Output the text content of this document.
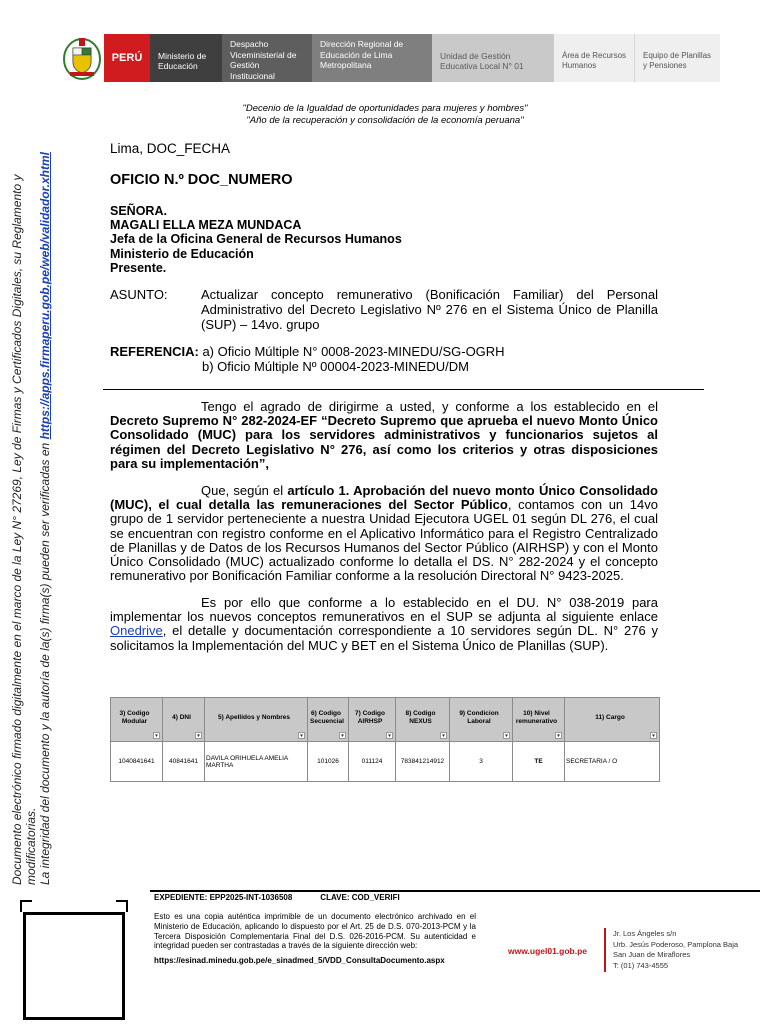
PERÚ	Ministerio de Educación
Despacho Viceministerial de Gestión Institucional
Dirección Regional de Educación de Lima Metropolitana
Unidad de Gestión Educativa Local N° 01
Área de Recursos Humanos
Equipo de Planillas y Pensiones
"Decenio de la Igualdad de oportunidades para mujeres y hombres"
"Año de la recuperación y consolidación de la economía peruana"
Documento electrónico firmado digitalmente en el marco de la Ley N° 27269, Ley de Firmas y Certificados Digitales, su Reglamento y modificatorias. La integridad del documento y la autoría de la(s) firma(s) pueden ser verificadas en https://apps.firmaperu.gob.pe/web/validador.xhtml
Lima, DOC_FECHA
OFICIO N.º DOC_NUMERO
SEÑORA.
MAGALI ELLA MEZA MUNDACA
Jefa de la Oficina General de Recursos Humanos
Ministerio de Educación
Presente.
ASUNTO:	Actualizar concepto remunerativo (Bonificación Familiar) del Personal Administrativo del Decreto Legislativo Nº 276 en el Sistema Único de Planilla (SUP) – 14vo. grupo
REFERENCIA: a) Oficio Múltiple N° 0008-2023-MINEDU/SG-OGRH
b) Oficio Múltiple Nº 00004-2023-MINEDU/DM
Tengo el agrado de dirigirme a usted, y conforme a los establecido en el Decreto Supremo N° 282-2024-EF “Decreto Supremo que aprueba el nuevo Monto Único Consolidado (MUC) para los servidores administrativos y funcionarios sujetos al régimen del Decreto Legislativo N° 276, así como los criterios y otras disposiciones para su implementación”,
Que, según el artículo 1. Aprobación del nuevo monto Único Consolidado (MUC), el cual detalla las remuneraciones del Sector Público, contamos con un 14vo grupo de 1 servidor perteneciente a nuestra Unidad Ejecutora UGEL 01 según DL 276, el cual se encuentran con registro conforme en el Aplicativo Informático para el Registro Centralizado de Planillas y de Datos de los Recursos Humanos del Sector Público (AIRHSP) y con el Monto Único Consolidado (MUC) actualizado conforme lo detalla el DS. N° 282-2024 y el concepto remunerativo por Bonificación Familiar conforme a la resolución Directoral N° 9423-2025.
Es por ello que conforme a lo establecido en el DU. N° 038-2019 para implementar los nuevos conceptos remunerativos en el SUP se adjunta al siguiente enlace Onedrive, el detalle y documentación correspondiente a 10 servidores según DL. N° 276 y solicitamos la Implementación del MUC y BET en el Sistema Único de Planillas (SUP).
3) Codigo Modular
▾	4) DNI
▾	5) Apellidos y Nombres
▾	6) Codigo Secuencial
▾	7) Codigo AIRHSP
▾	8) Codigo NEXUS
▾	9) Condicion Laboral
▾	10) Nivel remunerativo
▾	11) Cargo
▾

1040841641	40841641	DAVILA ORIHUELA AMELIA MARTHA	101026	011124	783841214912	3	TE	SECRETARIA / O
EXPEDIENTE: EPP2025-INT-1036508	CLAVE: COD_VERIFI
Esto es una copia auténtica imprimible de un documento electrónico archivado en el Ministerio de Educación, aplicando lo dispuesto por el Art. 25 de D.S. 070-2013-PCM y la Tercera Disposición Complementaria Final del D.S. 026-2016-PCM. Su autenticidad e integridad pueden ser contrastadas a través de la siguiente dirección web:
https://esinad.minedu.gob.pe/e_sinadmed_5/VDD_ConsultaDocumento.aspx
www.ugel01.gob.pe
Jr. Los Ángeles s/n
Urb. Jesús Poderoso, Pamplona Baja
San Juan de Miraflores
T: (01) 743-4555
